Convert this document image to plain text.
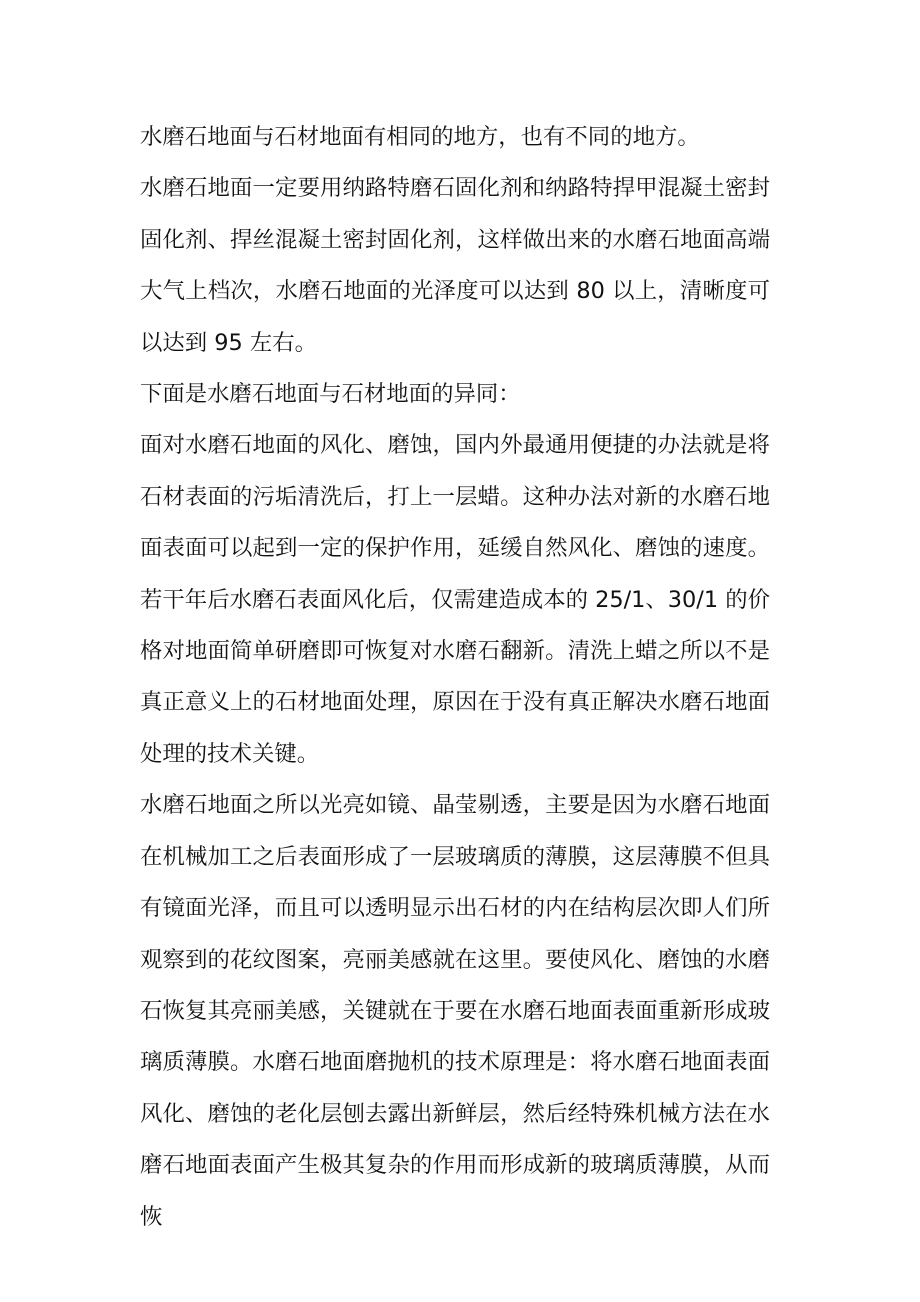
水磨石地面与石材地面有相同的地方，也有不同的地方。

水磨石地面一定要用纳路特磨石固化剂和纳路特捍甲混凝土密封固化剂、捍丝混凝土密封固化剂，这样做出来的水磨石地面高端大气上档次，水磨石地面的光泽度可以达到 80 以上，清晰度可以达到 95 左右。

下面是水磨石地面与石材地面的异同：

面对水磨石地面的风化、磨蚀，国内外最通用便捷的办法就是将石材表面的污垢清洗后，打上一层蜡。这种办法对新的水磨石地面表面可以起到一定的保护作用，延缓自然风化、磨蚀的速度。若干年后水磨石表面风化后，仅需建造成本的 25/1、30/1 的价格对地面简单研磨即可恢复对水磨石翻新。清洗上蜡之所以不是真正意义上的石材地面处理，原因在于没有真正解决水磨石地面处理的技术关键。

水磨石地面之所以光亮如镜、晶莹剔透，主要是因为水磨石地面在机械加工之后表面形成了一层玻璃质的薄膜，这层薄膜不但具有镜面光泽，而且可以透明显示出石材的内在结构层次即人们所观察到的花纹图案，亮丽美感就在这里。要使风化、磨蚀的水磨石恢复其亮丽美感，关键就在于要在水磨石地面表面重新形成玻璃质薄膜。水磨石地面磨抛机的技术原理是：将水磨石地面表面风化、磨蚀的老化层刨去露出新鲜层，然后经特殊机械方法在水磨石地面表面产生极其复杂的作用而形成新的玻璃质薄膜，从而恢
